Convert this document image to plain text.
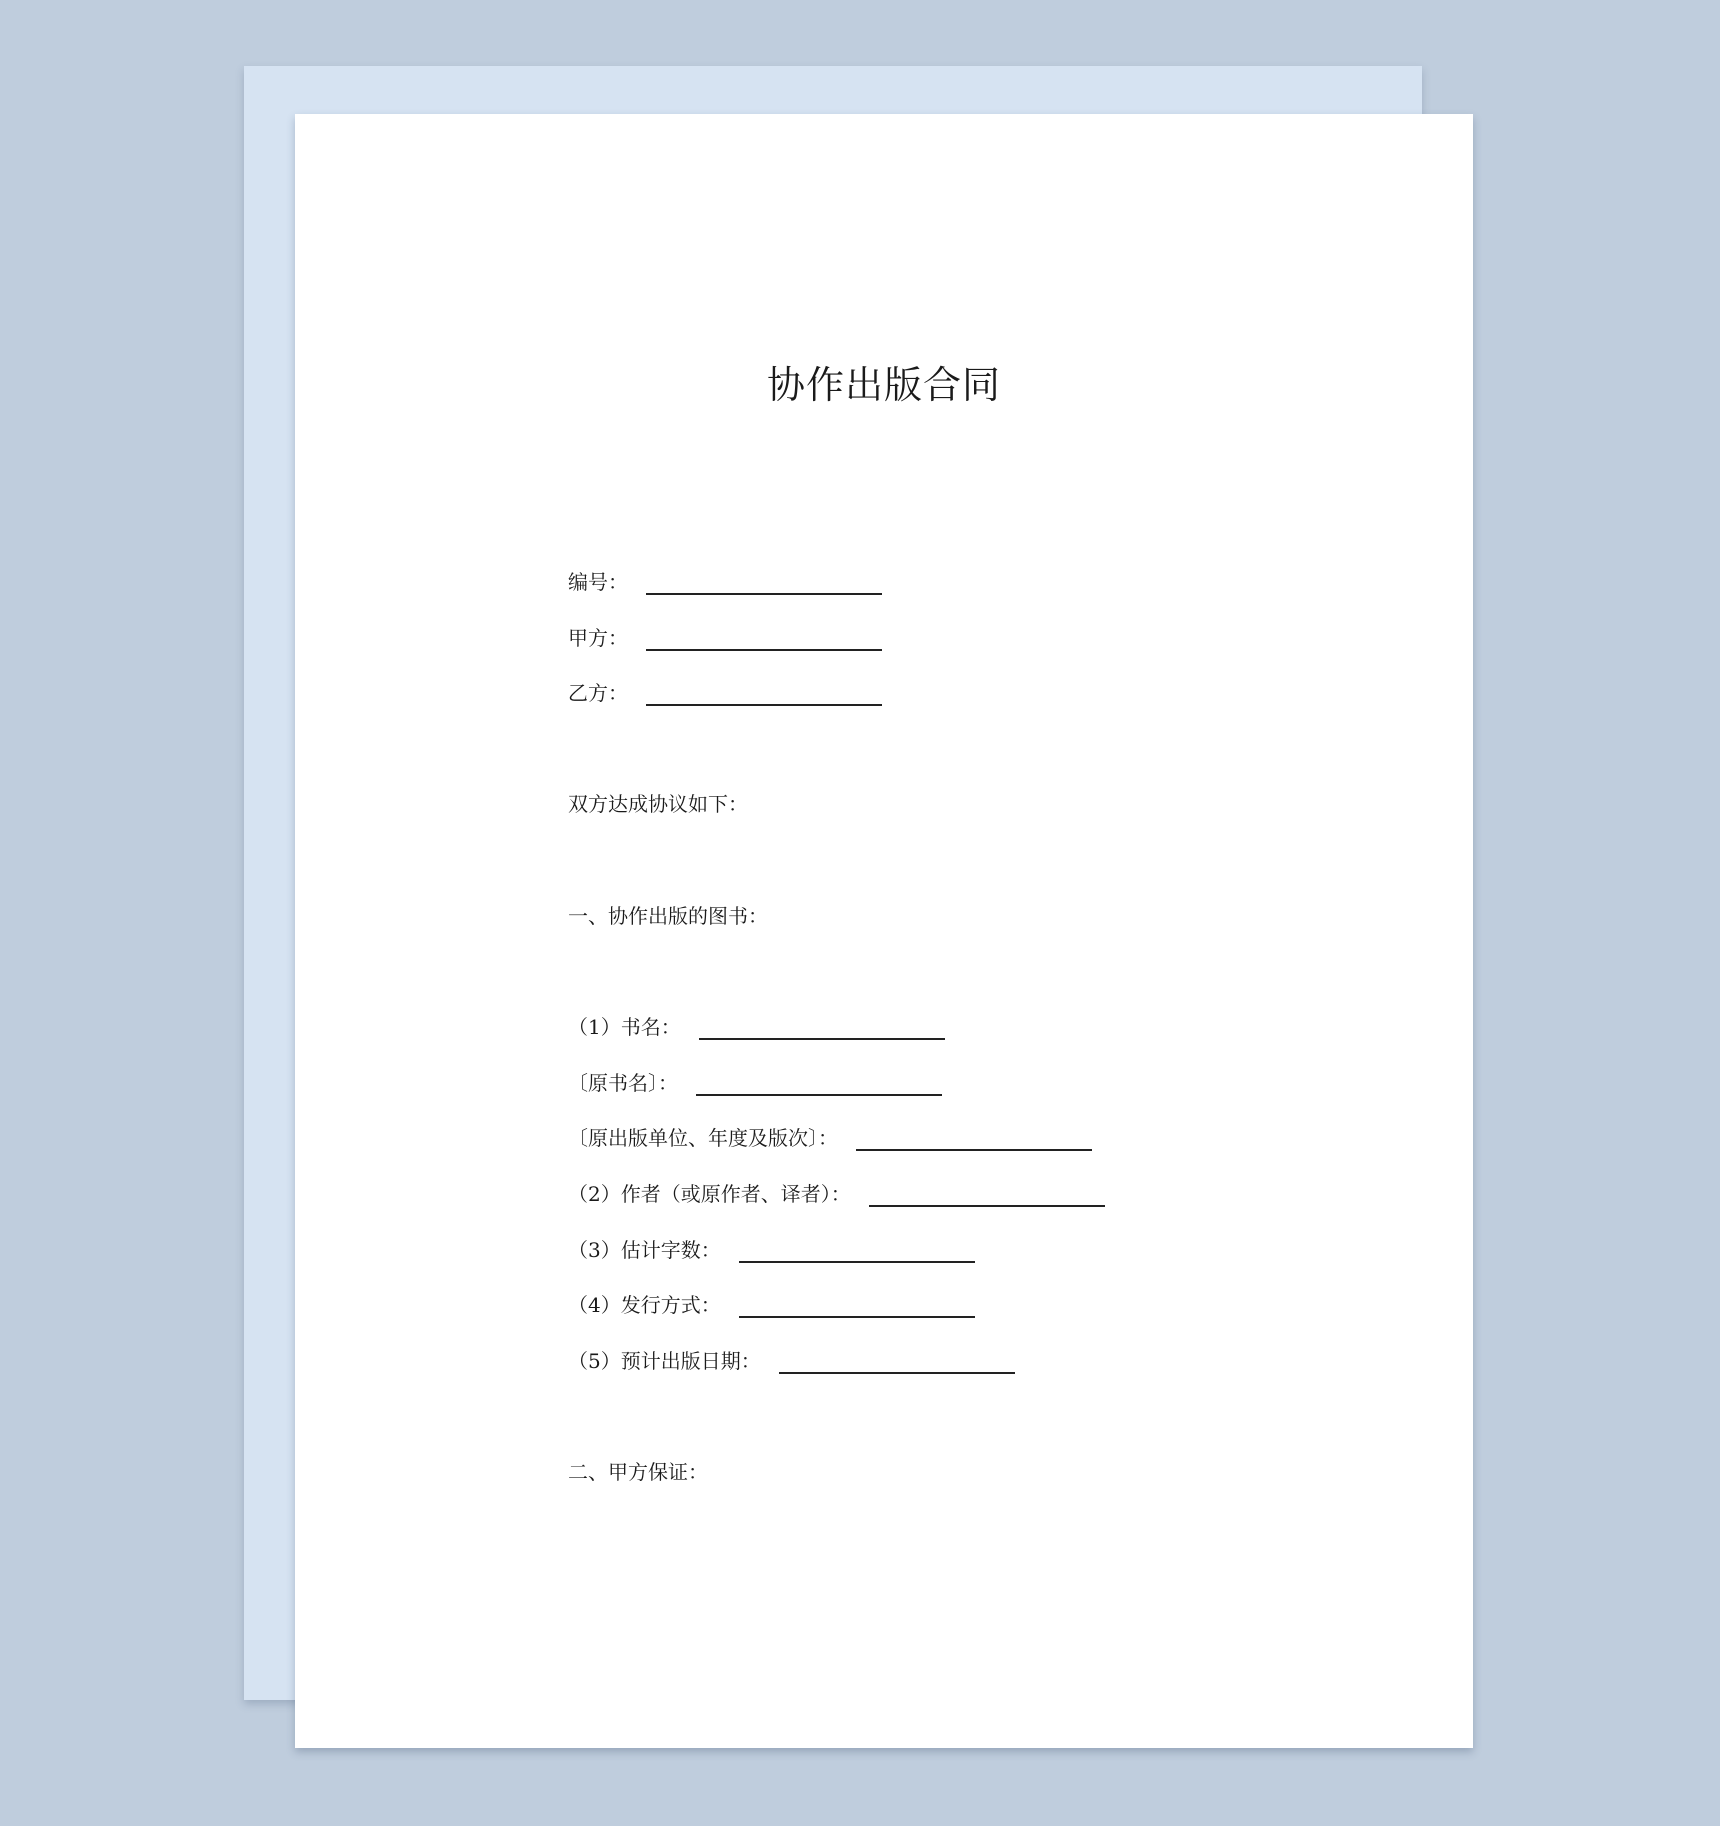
协作出版合同
编号：
甲方：
乙方：
双方达成协议如下：
一、协作出版的图书：
（1）书名：
〔原书名〕：
〔原出版单位、年度及版次〕：
（2）作者（或原作者、译者）：
（3）估计字数：
（4）发行方式：
（5）预计出版日期：
二、甲方保证：
